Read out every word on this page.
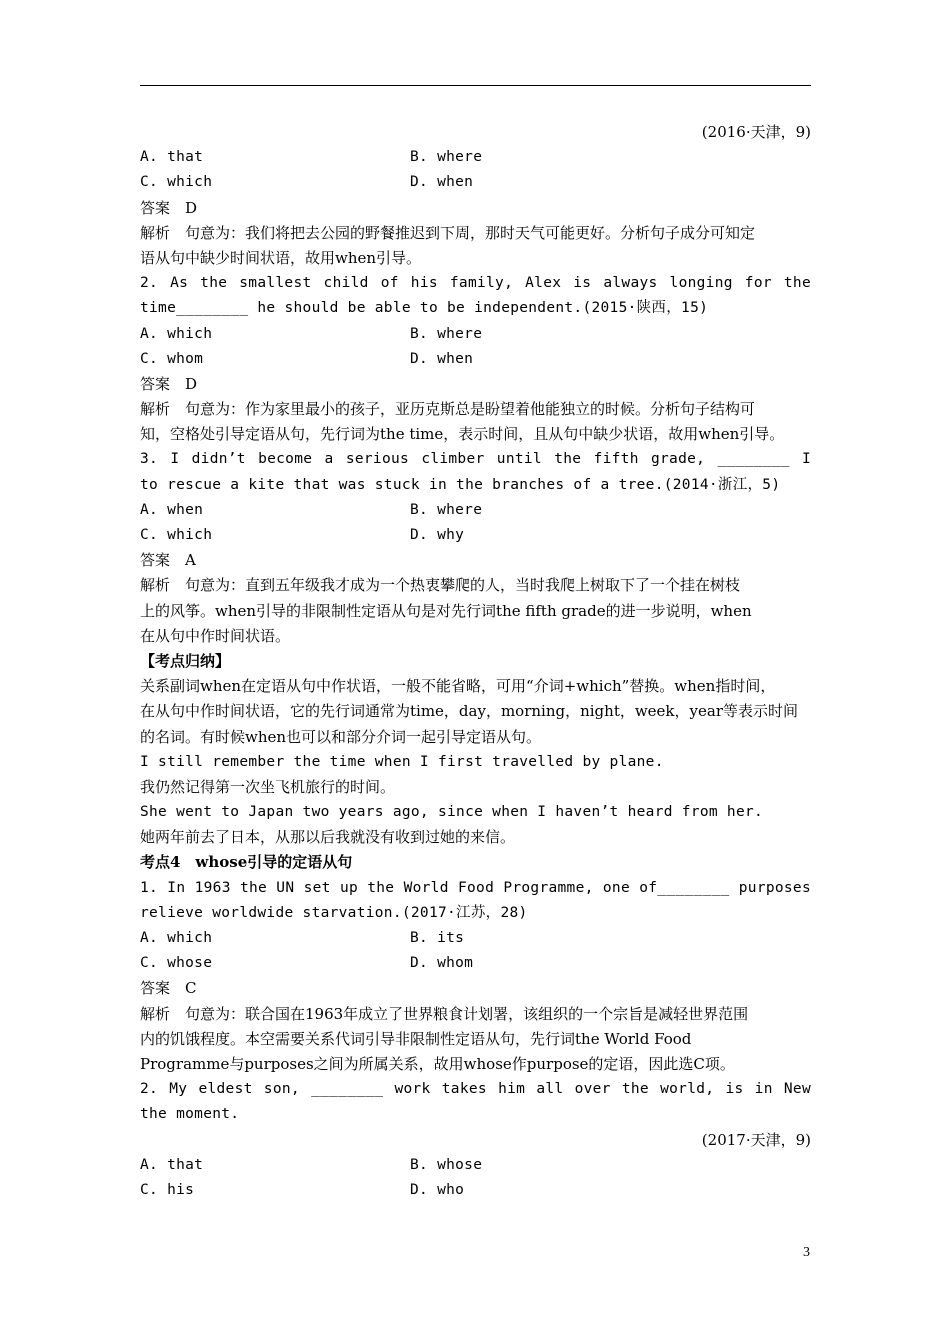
(2016·天津，9)
A. that	B. where
C. which	D. when
答案　D
解析　句意为：我们将把去公园的野餐推迟到下周，那时天气可能更好。分析句子成分可知定
语从句中缺少时间状语，故用when引导。
2. As the smallest child of his family, Alex is always longing for the
time________ he should be able to be independent.(2015·陕西，15)
A. which	B. where
C. whom	D. when
答案　D
解析　句意为：作为家里最小的孩子，亚历克斯总是盼望着他能独立的时候。分析句子结构可
知，空格处引导定语从句，先行词为the time，表示时间，且从句中缺少状语，故用when引导。
3. I didn’t become a serious climber until the fifth grade, ________ I
to rescue a kite that was stuck in the branches of a tree.(2014·浙江，5)
A. when	B. where
C. which	D. why
答案　A
解析　句意为：直到五年级我才成为一个热衷攀爬的人，当时我爬上树取下了一个挂在树枝
上的风筝。when引导的非限制性定语从句是对先行词the fifth grade的进一步说明，when
在从句中作时间状语。
【考点归纳】
关系副词when在定语从句中作状语，一般不能省略，可用“介词+which”替换。when指时间，
在从句中作时间状语，它的先行词通常为time，day，morning，night，week，year等表示时间
的名词。有时候when也可以和部分介词一起引导定语从句。
I still remember the time when I first travelled by plane.
我仍然记得第一次坐飞机旅行的时间。
She went to Japan two years ago, since when I haven’t heard from her.
她两年前去了日本，从那以后我就没有收到过她的来信。
考点4　whose引导的定语从句
1. In 1963 the UN set up the World Food Programme, one of________ purposes
relieve worldwide starvation.(2017·江苏，28)
A. which	B. its
C. whose	D. whom
答案　C
解析　句意为：联合国在1963年成立了世界粮食计划署，该组织的一个宗旨是减轻世界范围
内的饥饿程度。本空需要关系代词引导非限制性定语从句，先行词the World Food
Programme与purposes之间为所属关系，故用whose作purpose的定语，因此选C项。
2. My eldest son, ________ work takes him all over the world, is in New
the moment.
(2017·天津，9)
A. that	B. whose
C. his	D. who
3
